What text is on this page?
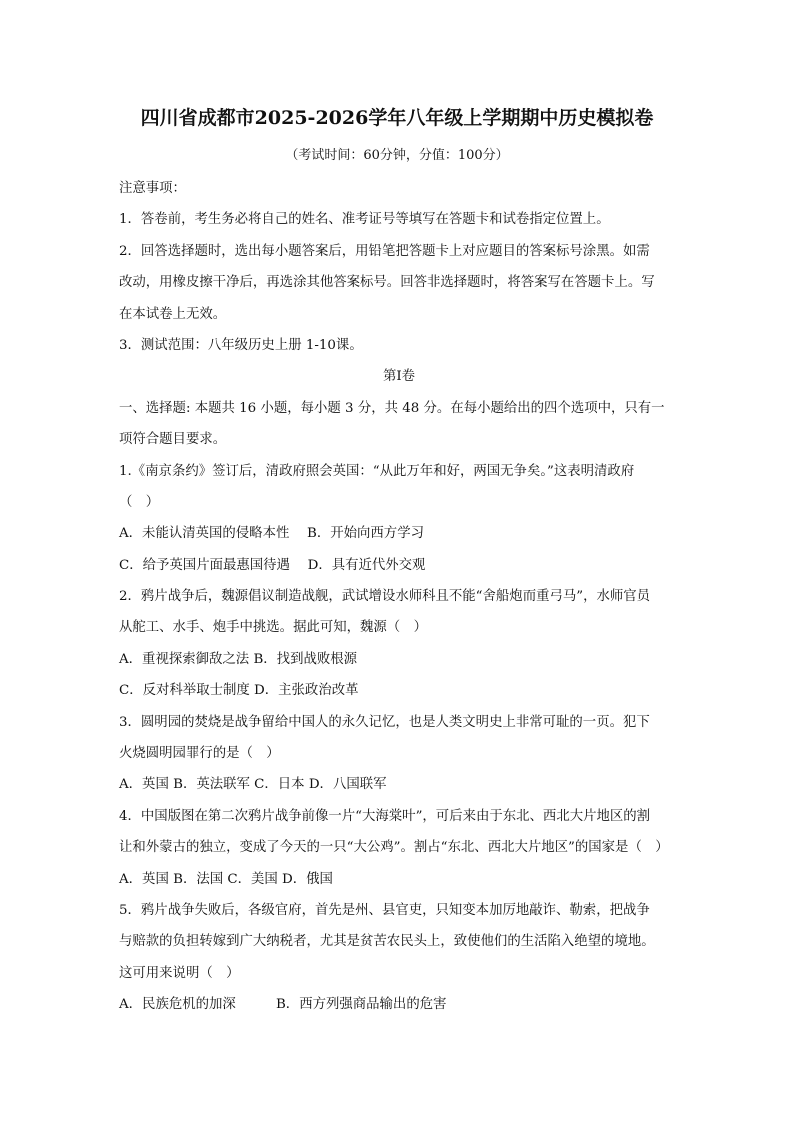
四川省成都市2025-2026学年八年级上学期期中历史模拟卷
（考试时间：60分钟，分值：100分）
注意事项：
1．答卷前，考生务必将自己的姓名、准考证号等填写在答题卡和试卷指定位置上。
2．回答选择题时，选出每小题答案后，用铅笔把答题卡上对应题目的答案标号涂黑。如需
改动，用橡皮擦干净后，再选涂其他答案标号。回答非选择题时，将答案写在答题卡上。写
在本试卷上无效。
3．测试范围：八年级历史上册 1-10课。
第Ⅰ卷
一、选择题: 本题共 16 小题，每小题 3 分，共 48 分。在每小题给出的四个选项中，只有一
项符合题目要求。
1.《南京条约》签订后，清政府照会英国：“从此万年和好，两国无争矣。”这表明清政府
（　）
A．未能认清英国的侵略本性　 B．开始向西方学习
C．给予英国片面最惠国待遇　 D．具有近代外交观
2．鸦片战争后，魏源倡议制造战舰，武试增设水师科且不能“舍船炮而重弓马”，水师官员
从舵工、水手、炮手中挑选。据此可知，魏源（　）
A．重视探索御敌之法 B．找到战败根源
C．反对科举取士制度 D．主张政治改革
3．圆明园的焚烧是战争留给中国人的永久记忆，也是人类文明史上非常可耻的一页。犯下
火烧圆明园罪行的是（　）
A．英国 B．英法联军 C．日本 D．八国联军
4．中国版图在第二次鸦片战争前像一片“大海棠叶”，可后来由于东北、西北大片地区的割
让和外蒙古的独立，变成了今天的一只“大公鸡”。割占“东北、西北大片地区”的国家是（　）
A．英国 B．法国 C．美国 D．俄国
5．鸦片战争失败后，各级官府，首先是州、县官吏，只知变本加厉地敲诈、勒索，把战争
与赔款的负担转嫁到广大纳税者，尤其是贫苦农民头上，致使他们的生活陷入绝望的境地。
这可用来说明（　）
A．民族危机的加深　　　B．西方列强商品输出的危害
